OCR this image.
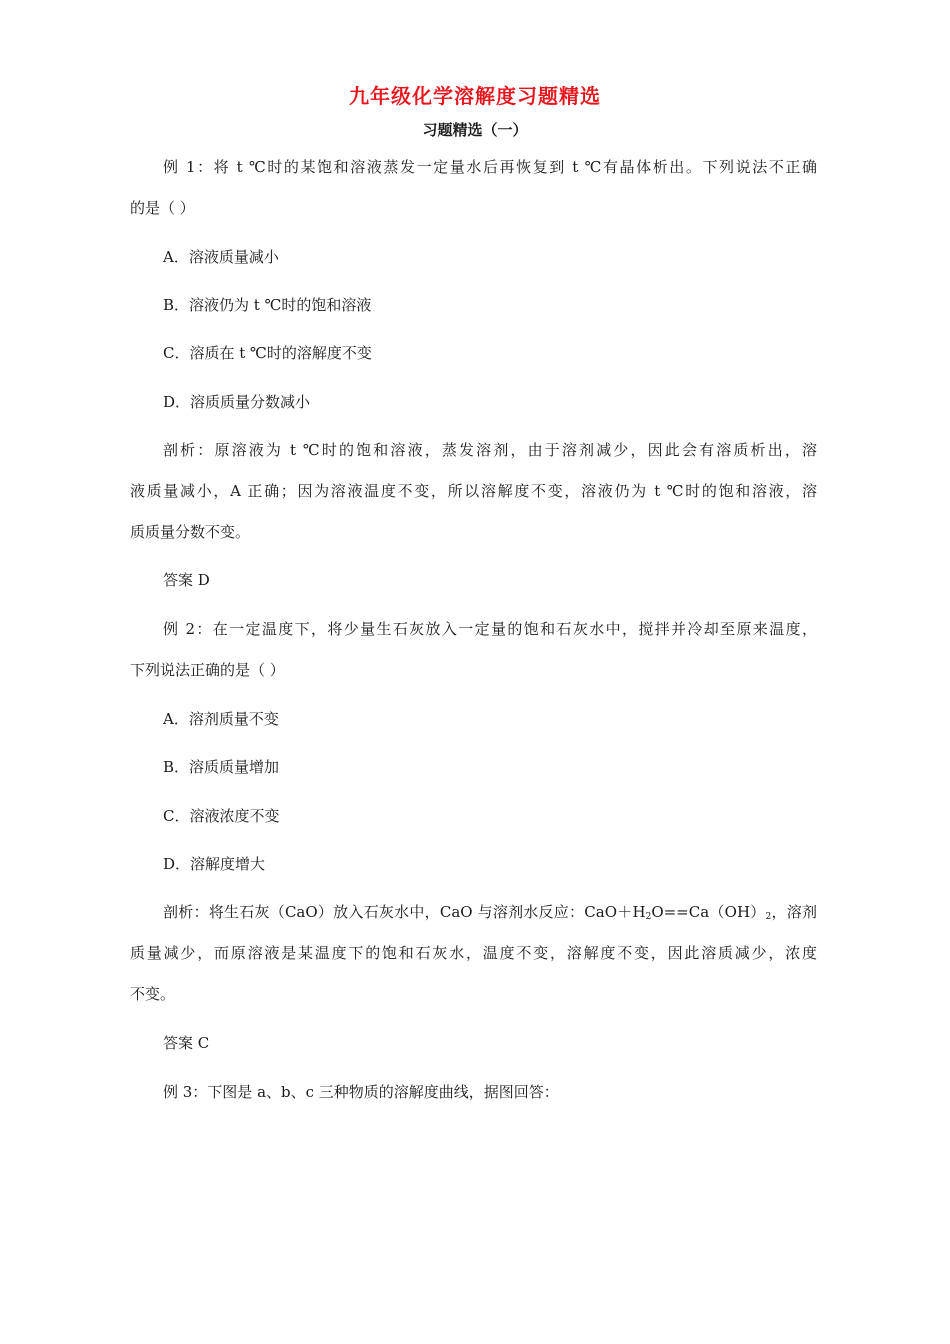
九年级化学溶解度习题精选
习题精选（一）
例 1：将 t ℃时的某饱和溶液蒸发一定量水后再恢复到 t ℃有晶体析出。下列说法不正确
的是（ ）
A．溶液质量减小
B．溶液仍为 t ℃时的饱和溶液
C．溶质在 t ℃时的溶解度不变
D．溶质质量分数减小
剖析：原溶液为 t ℃时的饱和溶液，蒸发溶剂，由于溶剂减少，因此会有溶质析出，溶
液质量减小，A 正确；因为溶液温度不变，所以溶解度不变，溶液仍为 t ℃时的饱和溶液，溶
质质量分数不变。
答案 D
例 2：在一定温度下，将少量生石灰放入一定量的饱和石灰水中，搅拌并冷却至原来温度，
下列说法正确的是（ ）
A．溶剂质量不变
B．溶质质量增加
C．溶液浓度不变
D．溶解度增大
剖析：将生石灰（CaO）放入石灰水中，CaO 与溶剂水反应：$CaO+H_2O==Ca(OH)_2$，溶剂
质量减少，而原溶液是某温度下的饱和石灰水，温度不变，溶解度不变，因此溶质减少，浓度
不变。
答案 C
例 3：下图是 a、b、c 三种物质的溶解度曲线，据图回答：
